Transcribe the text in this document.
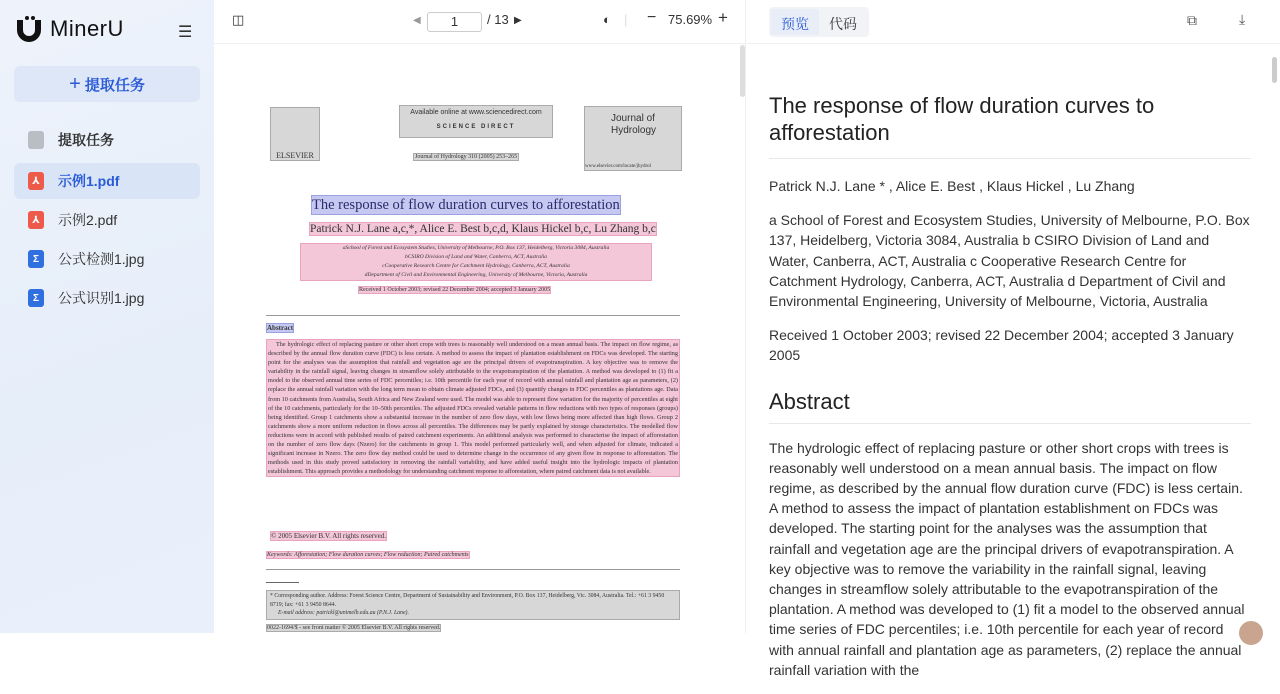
MinerU	☰
+ 提取任务
提取任务
⅄	示例1.pdf
⅄	示例2.pdf
Σ	公式检测1.jpg
Σ	公式识别1.jpg
◫	◀	1	/ 13 ▶	◐ | − 75.69% +
ELSEVIER
Available online at www.sciencedirect.com
SCIENCE DIRECT
Journal of Hydrology 310 (2005) 253–265
Journal of Hydrology
www.elsevier.com/locate/jhydrol
The response of flow duration curves to afforestation
Patrick N.J. Lane a,c,*, Alice E. Best b,c,d, Klaus Hickel b,c, Lu Zhang b,c
aSchool of Forest and Ecosystem Studies, University of Melbourne, P.O. Box 137, Heidelberg, Victoria 3084, Australia
bCSIRO Division of Land and Water, Canberra, ACT, Australia
cCooperative Research Centre for Catchment Hydrology, Canberra, ACT, Australia
dDepartment of Civil and Environmental Engineering, University of Melbourne, Victoria, Australia
Received 1 October 2003; revised 22 December 2004; accepted 3 January 2005
Abstract
The hydrologic effect of replacing pasture or other short crops with trees is reasonably well understood on a mean annual basis. The impact on flow regime, as described by the annual flow duration curve (FDC) is less certain. A method to assess the impact of plantation establishment on FDCs was developed. The starting point for the analyses was the assumption that rainfall and vegetation age are the principal drivers of evapotranspiration. A key objective was to remove the variability in the rainfall signal, leaving changes in streamflow solely attributable to the evapotranspiration of the plantation. A method was developed to (1) fit a model to the observed annual time series of FDC percentiles; i.e. 10th percentile for each year of record with annual rainfall and plantation age as parameters, (2) replace the annual rainfall variation with the long term mean to obtain climate adjusted FDCs, and (3) quantify changes in FDC percentiles as plantations age. Data from 10 catchments from Australia, South Africa and New Zealand were used. The model was able to represent flow variation for the majority of percentiles at eight of the 10 catchments, particularly for the 10–50th percentiles. The adjusted FDCs revealed variable patterns in flow reductions with two types of responses (groups) being identified. Group 1 catchments show a substantial increase in the number of zero flow days, with low flows being more affected than high flows. Group 2 catchments show a more uniform reduction in flows across all percentiles. The differences may be partly explained by storage characteristics. The modelled flow reductions were in accord with published results of paired catchment experiments. An additional analysis was performed to characterise the impact of afforestation on the number of zero flow days (Nzero) for the catchments in group 1. This model performed particularly well, and when adjusted for climate, indicated a significant increase in Nzero. The zero flow day method could be used to determine change in the occurrence of any given flow in response to afforestation. The methods used in this study proved satisfactory in removing the rainfall variability, and have added useful insight into the hydrologic impacts of plantation establishment. This approach provides a methodology for understanding catchment response to afforestation, where paired catchment data is not available.
© 2005 Elsevier B.V. All rights reserved.
Keywords: Afforestation; Flow duration curves; Flow reduction; Paired catchments
* Corresponding author. Address: Forest Science Centre, Department of Sustainability and Environment, P.O. Box 137, Heidelberg, Vic. 3084, Australia. Tel.: +61 3 9450 8719; fax: +61 3 9450 8644.
E-mail address: patrickl@unimelb.edu.au (P.N.J. Lane).
0022-1694/$ - see front matter © 2005 Elsevier B.V. All rights reserved.
预览	代码	⧉	⤓
The response of flow duration curves to afforestation

Patrick N.J. Lane * , Alice E. Best , Klaus Hickel , Lu Zhang

a School of Forest and Ecosystem Studies, University of Melbourne, P.O. Box 137, Heidelberg, Victoria 3084, Australia b CSIRO Division of Land and Water, Canberra, ACT, Australia c Cooperative Research Centre for Catchment Hydrology, Canberra, ACT, Australia d Department of Civil and Environmental Engineering, University of Melbourne, Victoria, Australia

Received 1 October 2003; revised 22 December 2004; accepted 3 January 2005

Abstract

The hydrologic effect of replacing pasture or other short crops with trees is reasonably well understood on a mean annual basis. The impact on flow regime, as described by the annual flow duration curve (FDC) is less certain. A method to assess the impact of plantation establishment on FDCs was developed. The starting point for the analyses was the assumption that rainfall and vegetation age are the principal drivers of evapotranspiration. A key objective was to remove the variability in the rainfall signal, leaving changes in streamflow solely attributable to the evapotranspiration of the plantation. A method was developed to (1) fit a model to the observed annual time series of FDC percentiles; i.e. 10th percentile for each year of record with annual rainfall and plantation age as parameters, (2) replace the annual rainfall variation with the
